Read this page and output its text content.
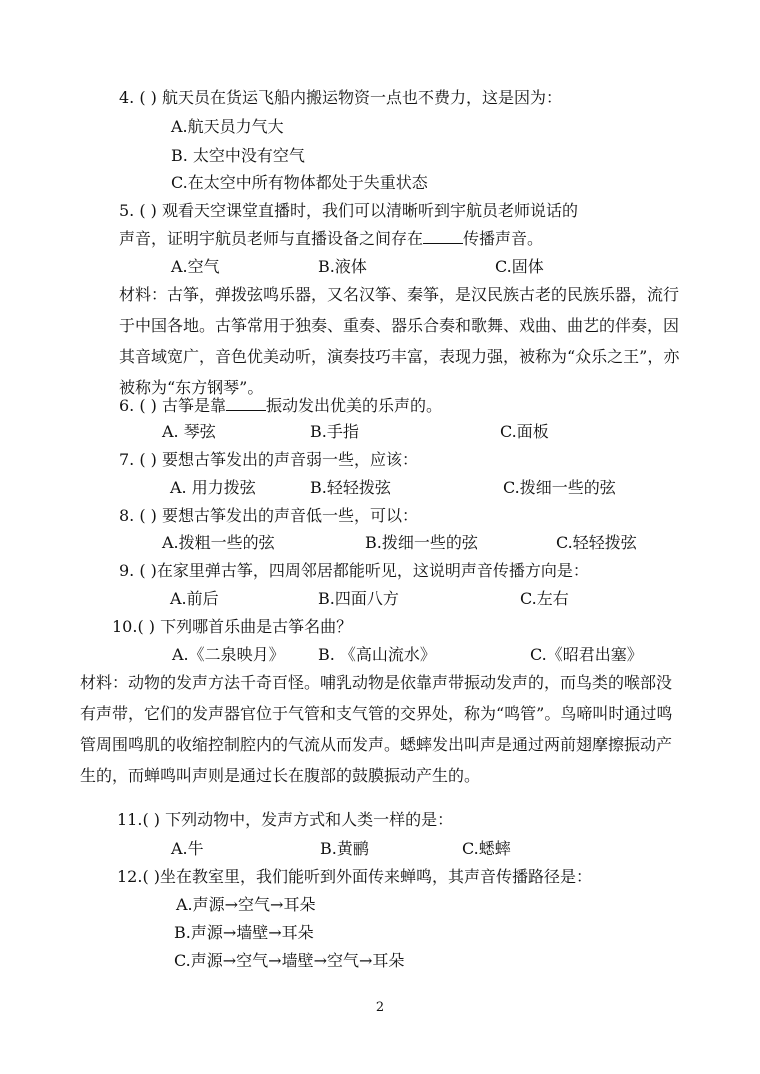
4. ( ) 航天员在货运飞船内搬运物资一点也不费力，这是因为：
A.航天员力气大
B. 太空中没有空气
C.在太空中所有物体都处于失重状态
5. ( ) 观看天空课堂直播时，我们可以清晰听到宇航员老师说话的
声音，证明宇航员老师与直播设备之间存在	传播声音。
A.空气	B.液体	C.固体
材料：古筝，弹拨弦鸣乐器，又名汉筝、秦筝，是汉民族古老的民族乐器，流行于中国各地。古筝常用于独奏、重奏、器乐合奏和歌舞、戏曲、曲艺的伴奏，因其音域宽广，音色优美动听，演奏技巧丰富，表现力强，被称为“众乐之王”，亦被称为“东方钢琴”。
6. ( ) 古筝是靠	振动发出优美的乐声的。
A. 琴弦	B.手指	C.面板
7. ( ) 要想古筝发出的声音弱一些，应该：
A. 用力拨弦	B.轻轻拨弦	C.拨细一些的弦
8. ( ) 要想古筝发出的声音低一些，可以：
A.拨粗一些的弦	B.拨细一些的弦	C.轻轻拨弦
9. ( )在家里弹古筝，四周邻居都能听见，这说明声音传播方向是：
A.前后	B.四面八方	C.左右
10.( ) 下列哪首乐曲是古筝名曲？
A.《二泉映月》 B. 《高山流水》	C.《昭君出塞》
材料：动物的发声方法千奇百怪。哺乳动物是依靠声带振动发声的，而鸟类的喉部没有声带，它们的发声器官位于气管和支气管的交界处，称为“鸣管”。鸟啼叫时通过鸣管周围鸣肌的收缩控制腔内的气流从而发声。蟋蟀发出叫声是通过两前翅摩擦振动产生的，而蝉鸣叫声则是通过长在腹部的鼓膜振动产生的。
11.( ) 下列动物中，发声方式和人类一样的是：
A.牛	B.黄鹂	C.蟋蟀
12.( )坐在教室里，我们能听到外面传来蝉鸣，其声音传播路径是：
A.声源→空气→耳朵
B.声源→墙壁→耳朵
C.声源→空气→墙壁→空气→耳朵
2
